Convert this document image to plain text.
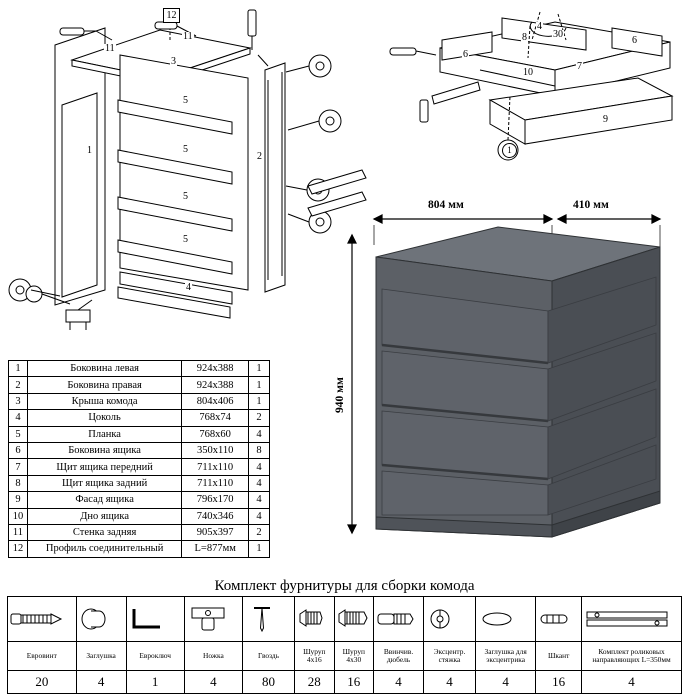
12
11
11
3
5
5
5
5
1
2
4
4
30
8	6
6
10
7
9
1
1	Боковина левая	924х388	1
2	Боковина правая	924х388	1
3	Крыша комода	804х406	1
4	Цоколь	768х74	2
5	Планка	768х60	4
6	Боковина ящика	350х110	8
7	Щит ящика передний	711х110	4
8	Щит ящика задний	711х110	4
9	Фасад ящика	796х170	4
10	Дно ящика	740х346	4
11	Стенка задняя	905х397	2
12	Профиль соединительный	L=877мм	1
804 мм	410 мм
940 мм
Комплект фурнитуры для сборки комода

Евровинт	Заглушка	Евроключ	Ножка	Гвоздь	Шуруп 4х16	Шуруп 4х30	Ввинчив. дюбель	Эксцентр. стяжка	Заглушка для эксцентрика	Шкант	Комплект роликовых направляющих L=350мм
20	4	1	4	80	28	16	4	4	4	16	4
